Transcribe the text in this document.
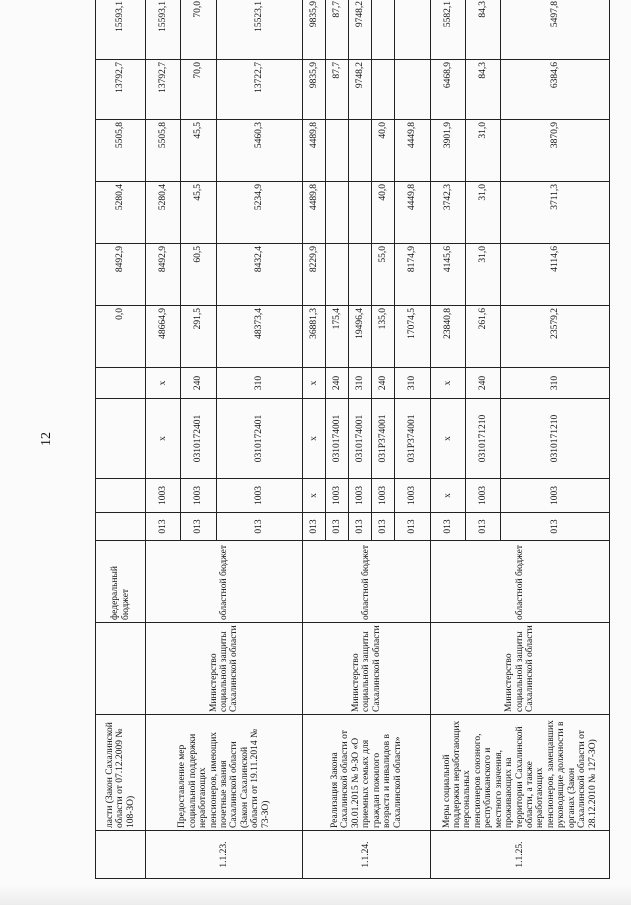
12
	ласти (Закон Сахалинской области от 07.12.2009 № 108-ЗО)		федеральный бюджет					0,0	8492,9	5280,4	5505,8	13792,7	15593,1
1.1.23.	Предоставление мер социальной поддержки неработающих пенсионеров, имеющих почетные звания Сахалинской области (Закон Сахалинской области от 19.11.2014 № 73-ЗО)	Министерство социальной защиты Сахалинской области	областной бюджет	013	1003	х	х	48664,9	8492,9	5280,4	5505,8	13792,7	15593,1
				013	1003	0310172401	240	291,5	60,5	45,5	45,5	70,0	70,0
				013	1003	0310172401	310	48373,4	8432,4	5234,9	5460,3	13722,7	15523,1
1.1.24.	Реализация Закона Сахалинской области от 30.01.2015 № 9-ЗО «О приемных семьях для граждан пожилого возраста и инвалидов в Сахалинской области»	Министерство социальной защиты Сахалинской области	областной бюджет	013	х	х	х	36881,3	8229,9	4489,8	4489,8	9835,9	9835,9
				013	1003	0310174001	240	175,4				87,7	87,7
				013	1003	0310174001	310	19496,4				9748,2	9748,2
				013	1003	031P374001	240	135,0	55,0	40,0	40,0		
				013	1003	031P374001	310	17074,5	8174,9	4449,8	4449,8		
1.1.25.	Меры социальной поддержки неработающих персональных пенсионеров союзного, республиканского и местного значения, проживающих на территории Сахалинской области, а также неработающих пенсионеров, замещавших руководящие должности в органах (Закон Сахалинской области от 28.12.2010 № 127-ЗО)	Министерство социальной защиты Сахалинской области	областной бюджет	013	х	х	х	23840,8	4145,6	3742,3	3901,9	6468,9	5582,1
				013	1003	0310171210	240	261,6	31,0	31,0	31,0	84,3	84,3
				013	1003	0310171210	310	23579,2	4114,6	3711,3	3870,9	6384,6	5497,8
